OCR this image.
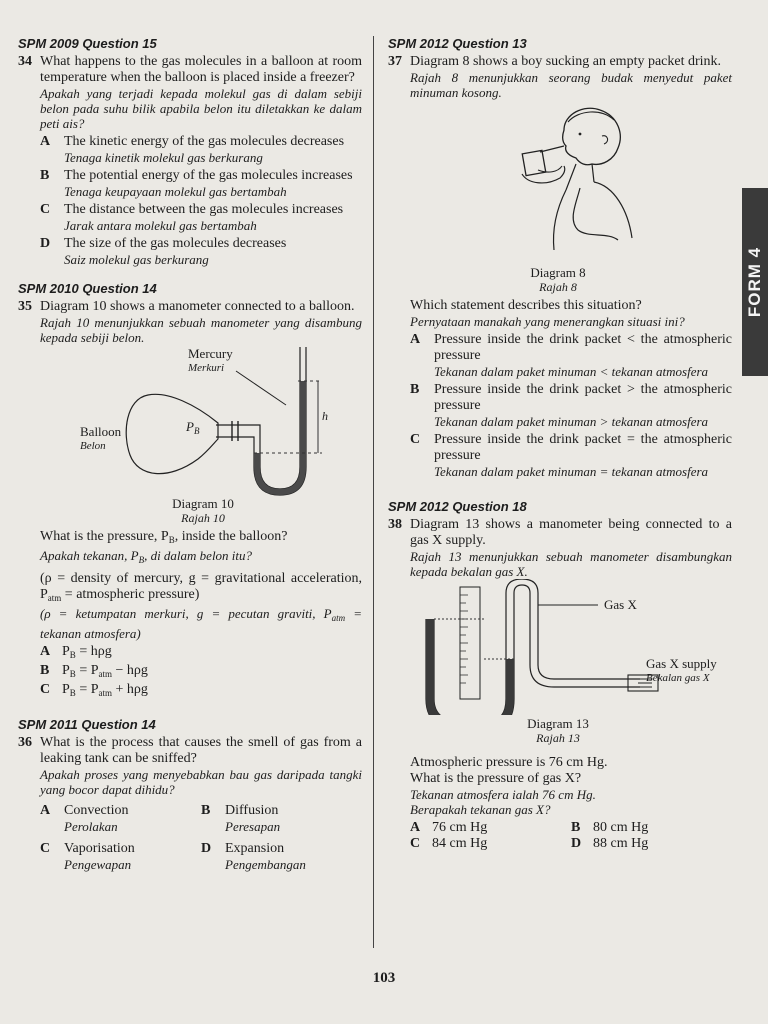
SPM 2009 Question 15

34 What happens to the gas molecules in a balloon at room temperature when the balloon is placed inside a freezer?
Apakah yang terjadi kepada molekul gas di dalam sebiji belon pada suhu bilik apabila belon itu diletakkan ke dalam peti ais?
A The kinetic energy of the gas molecules decreases
Tenaga kinetik molekul gas berkurang
B	The potential energy of the gas molecules increases
Tenaga keupayaan molekul gas bertambah
C The distance between the gas molecules increases
Jarak antara molekul gas bertambah
D The size of the gas molecules decreases
Saiz molekul gas berkurang

SPM 2010 Question 14

35 Diagram 10 shows a manometer connected to a balloon.
Rajah 10 menunjukkan sebuah manometer yang disambung kepada sebiji belon.
Mercury
Merkuri
Balloon
Belon
$P_B$
h
Diagram 10
Rajah 10
What is the pressure, $P_B$, inside the balloon?
Apakah tekanan, $P_B$, di dalam belon itu?
(ρ = density of mercury, g = gravitational acceleration, $P_{atm}$ = atmospheric pressure)
(ρ = ketumpatan merkuri, g = pecutan graviti, $P_{atm}$ = tekanan atmosfera)
A $P_B = h\rho g$
B $P_B = P_{atm} - h\rho g$
C $P_B = P_{atm} + h\rho g$

SPM 2011 Question 14

36 What is the process that causes the smell of gas from a leaking tank can be sniffed?
Apakah proses yang menyebabkan bau gas daripada tangki yang bocor dapat dihidu?
A Convection
Perolakan
B	Diffusion
Peresapan
C Vaporisation
Pengewapan
D Expansion
Pengembangan

SPM 2012 Question 13

37 Diagram 8 shows a boy sucking an empty packet drink.
Rajah 8 menunjukkan seorang budak menyedut paket minuman kosong.
Diagram 8
Rajah 8
Which statement describes this situation?
Pernyataan manakah yang menerangkan situasi ini?
A Pressure inside the drink packet < the atmospheric pressure
Tekanan dalam paket minuman < tekanan atmosfera
B	Pressure inside the drink packet > the atmospheric pressure
Tekanan dalam paket minuman > tekanan atmosfera
C Pressure inside the drink packet = the atmospheric pressure
Tekanan dalam paket minuman = tekanan atmosfera

SPM 2012 Question 18

38 Diagram 13 shows a manometer being connected to a gas X supply.
Rajah 13 menunjukkan sebuah manometer disambungkan kepada bekalan gas X.
Gas X
Gas X supply
Bekalan gas X
Diagram 13
Rajah 13
Atmospheric pressure is 76 cm Hg.
What is the pressure of gas X?
Tekanan atmosfera ialah 76 cm Hg.
Berapakah tekanan gas X?
A 76 cm Hg	B 80 cm Hg
C 84 cm Hg	D 88 cm Hg
FORM 4
103
